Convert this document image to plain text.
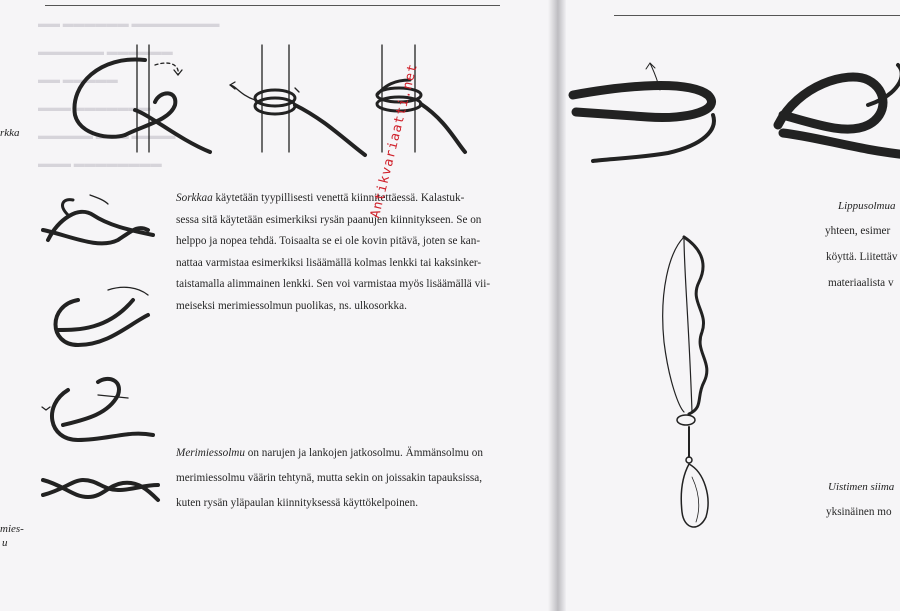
▬▬ ▬▬▬▬▬▬ ▬▬▬▬▬▬▬▬
▬▬▬▬▬▬ ▬▬▬▬▬▬
▬▬ ▬▬▬▬▬
▬▬▬ ▬▬▬▬▬▬▬
▬▬▬▬▬ ▬▬▬ ▬▬▬▬
▬▬▬ ▬▬▬▬▬▬▬▬
rkka
mies-
u

Sorkkaa käytetään tyypillisesti venettä kiinnitettäessä. Kalastuk-

sessa sitä käytetään esimerkiksi rysän paanujen kiinnitykseen. Se on

helppo ja nopea tehdä. Toisaalta se ei ole kovin pitävä, joten se kan-

nattaa varmistaa esimerkiksi lisäämällä kolmas lenkki tai kaksinker-

taistamalla alimmainen lenkki. Sen voi varmistaa myös lisäämällä vii-

meiseksi merimiessolmun puolikas, ns. ulkosorkka.

Merimiessolmu on narujen ja lankojen jatkosolmu. Ämmänsolmu on

merimiessolmu väärin tehtynä, mutta sekin on joissakin tapauksissa,

kuten rysän yläpaulan kiinnityksessä käyttökelpoinen.

Antikvariaatti.net	Lippusolmua
yhteen, esimer
köyttä. Liitettäv
materiaalista v
Uistimen siima
yksinäinen mo
